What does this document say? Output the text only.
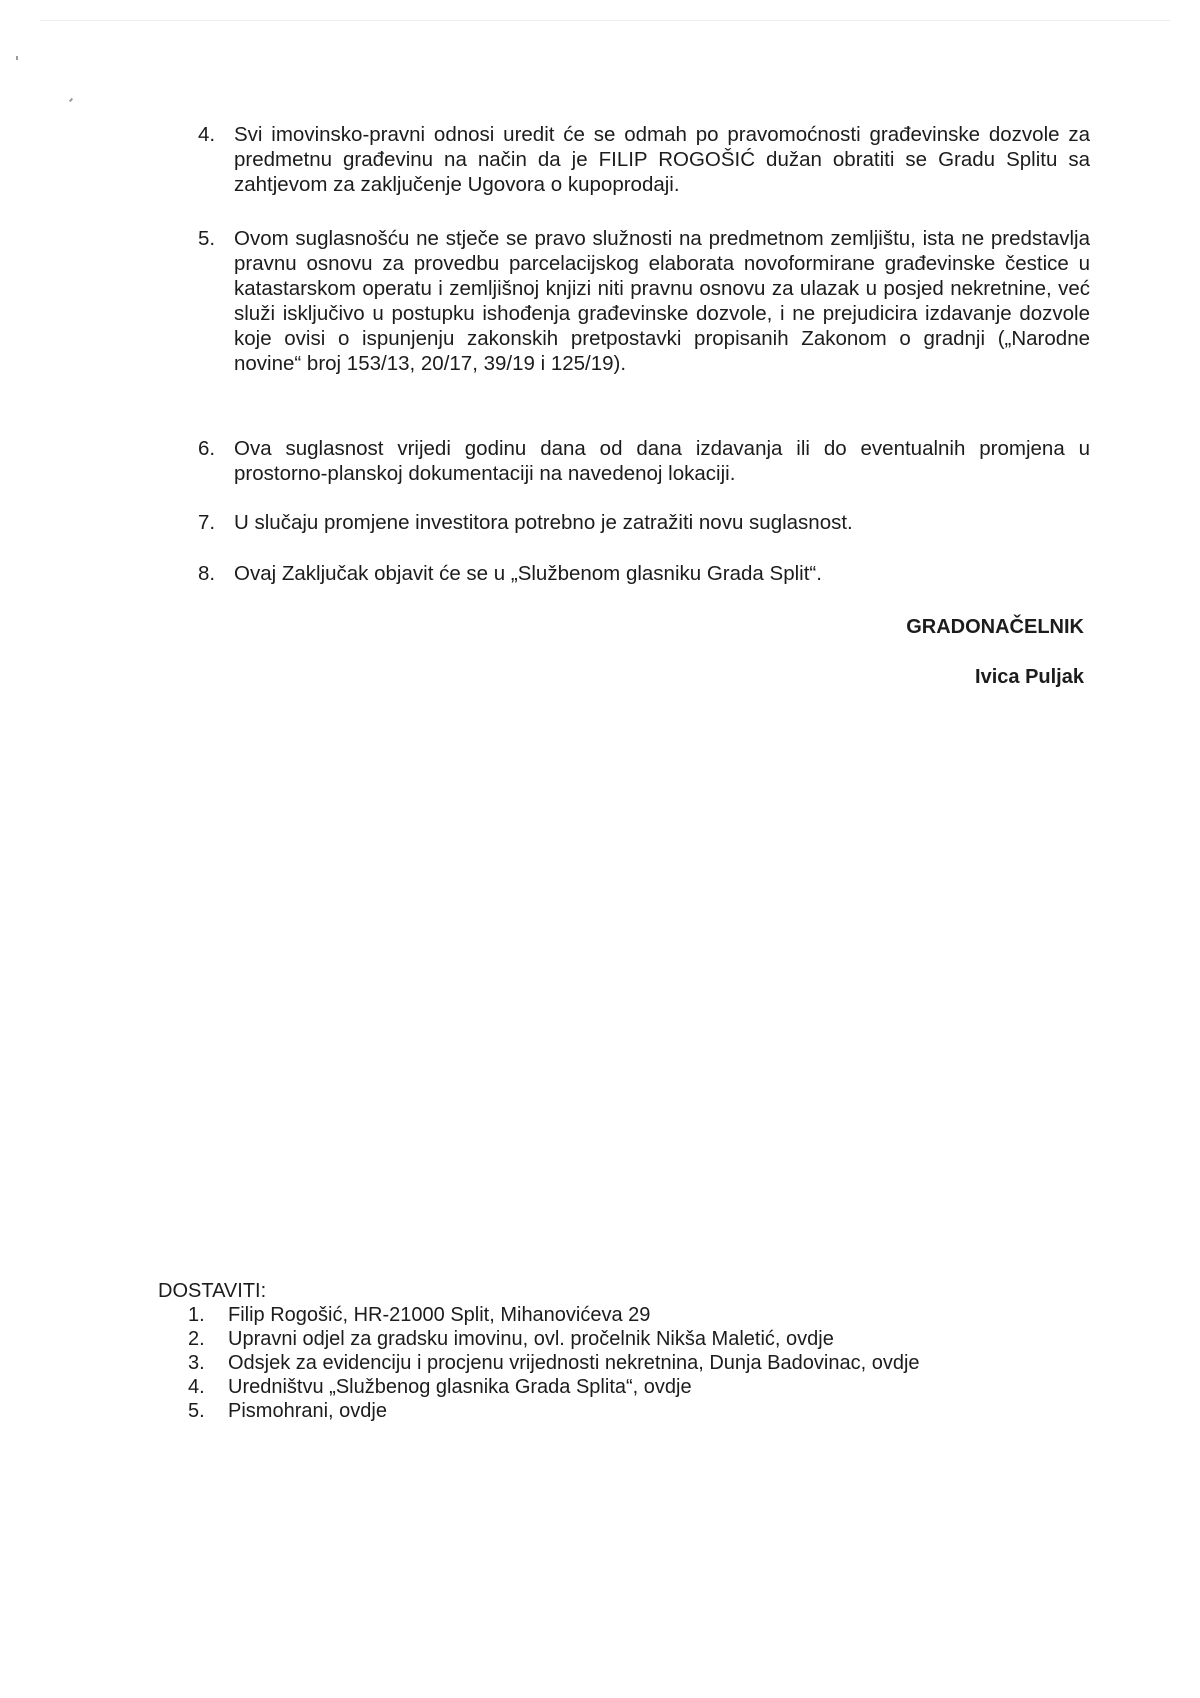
4. Svi imovinsko-pravni odnosi uredit će se odmah po pravomoćnosti građevinske dozvole za predmetnu građevinu na način da je FILIP ROGOŠIĆ dužan obratiti se Gradu Splitu sa zahtjevom za zaključenje Ugovora o kupoprodaji.
5. Ovom suglasnošću ne stječe se pravo služnosti na predmetnom zemljištu, ista ne predstavlja pravnu osnovu za provedbu parcelacijskog elaborata novoformirane građevinske čestice u katastarskom operatu i zemljišnoj knjizi niti pravnu osnovu za ulazak u posjed nekretnine, već služi isključivo u postupku ishođenja građevinske dozvole, i ne prejudicira izdavanje dozvole koje ovisi o ispunjenju zakonskih pretpostavki propisanih Zakonom o gradnji („Narodne novine“ broj 153/13, 20/17, 39/19 i 125/19).
6. Ova suglasnost vrijedi godinu dana od dana izdavanja ili do eventualnih promjena u prostorno-planskoj dokumentaciji na navedenoj lokaciji.
7. U slučaju promjene investitora potrebno je zatražiti novu suglasnost.
8. Ovaj Zaključak objavit će se u „Službenom glasniku Grada Split“.
GRADONAČELNIK
Ivica Puljak
DOSTAVITI:
1.	Filip Rogošić, HR-21000 Split, Mihanovićeva 29
2.	Upravni odjel za gradsku imovinu, ovl. pročelnik Nikša Maletić, ovdje
3.	Odsjek za evidenciju i procjenu vrijednosti nekretnina, Dunja Badovinac, ovdje
4.	Uredništvu „Službenog glasnika Grada Splita“, ovdje
5.	Pismohrani, ovdje
